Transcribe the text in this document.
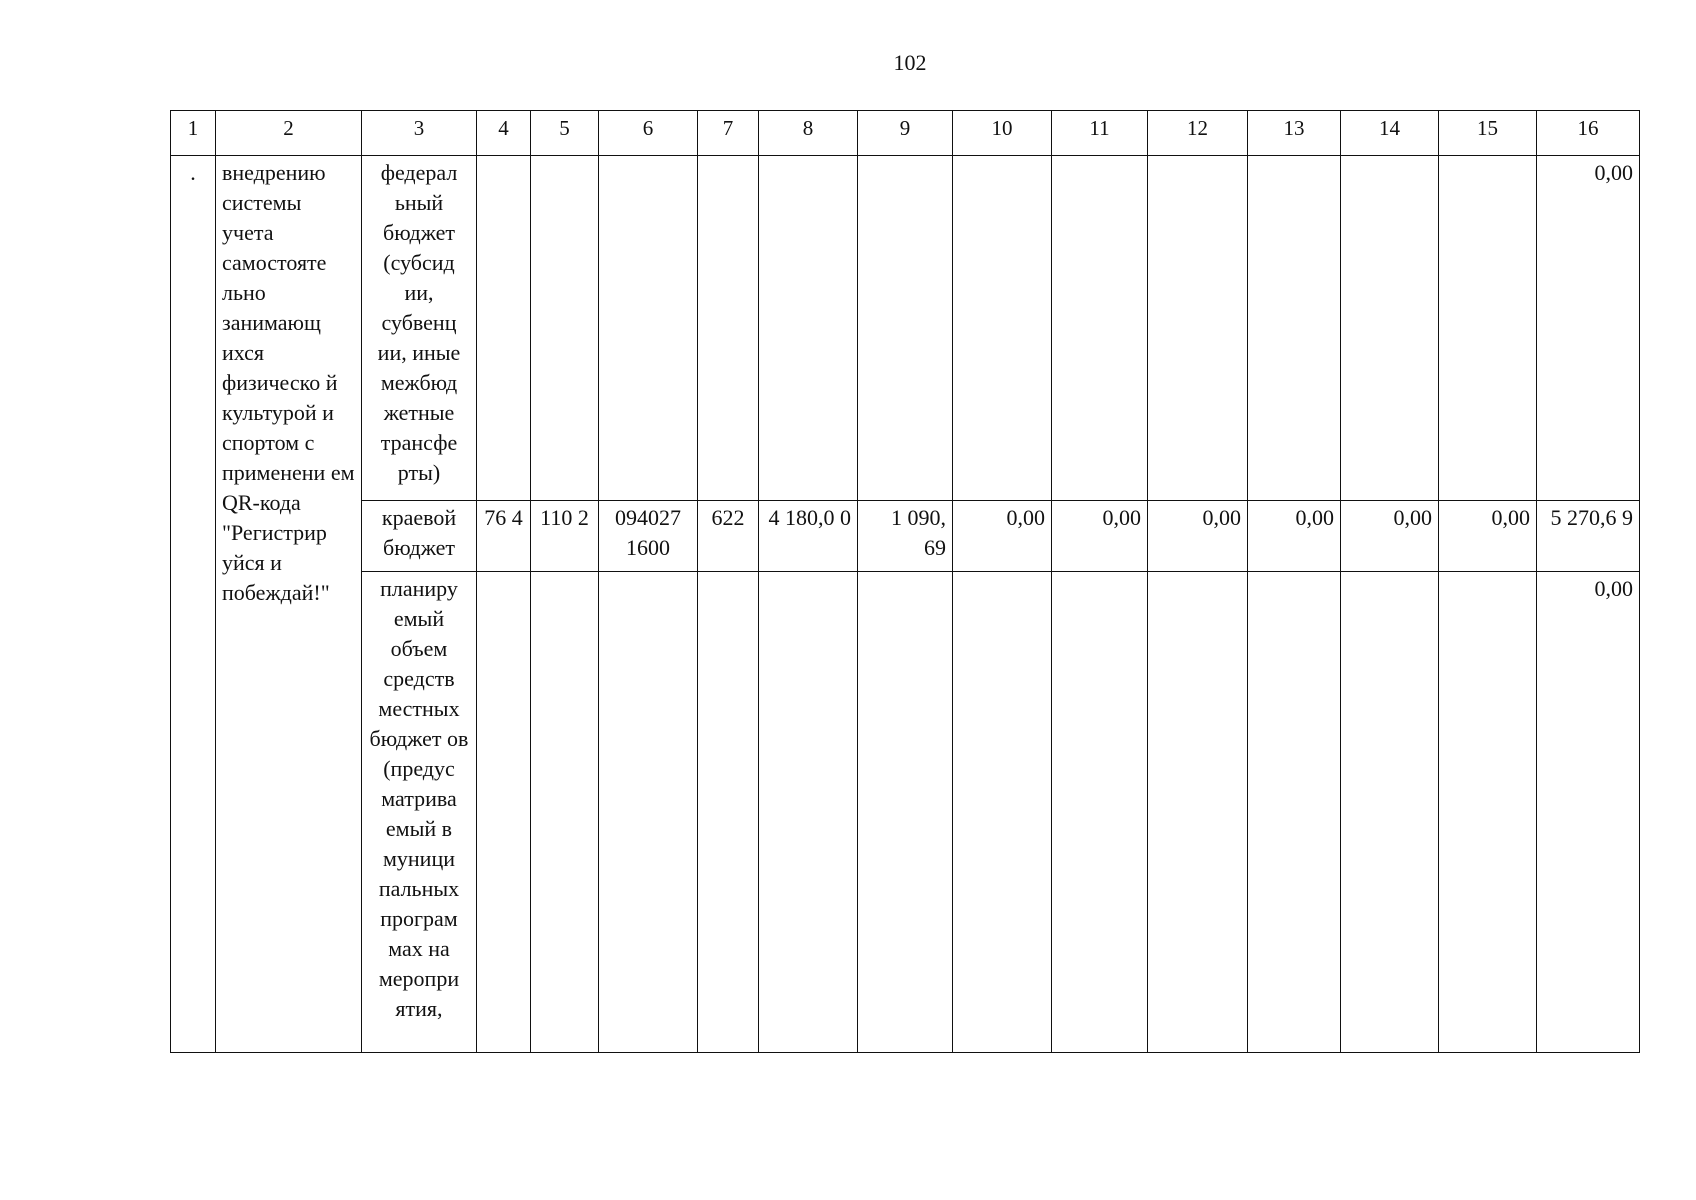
102
1	2	3	4	5	6	7	8	9	10	11	12	13	14	15	16
.	внедрению системы учета самостояте льно занимающ ихся физическо й культурой и спортом с применени ем QR-кода "Регистрир уйся и побеждай!"	федерал ьный бюджет (субсид ии, субвенц ии, иные межбюд жетные трансфе рты)													0,00
		краевой бюджет	76 4	110 2	094027 1600	622	4 180,0 0	1 090, 69	0,00	0,00	0,00	0,00	0,00	0,00	5 270,6 9
		планиру емый объем средств местных бюджет ов (предус матрива емый в муници пальных програм мах на меропри ятия,													0,00
